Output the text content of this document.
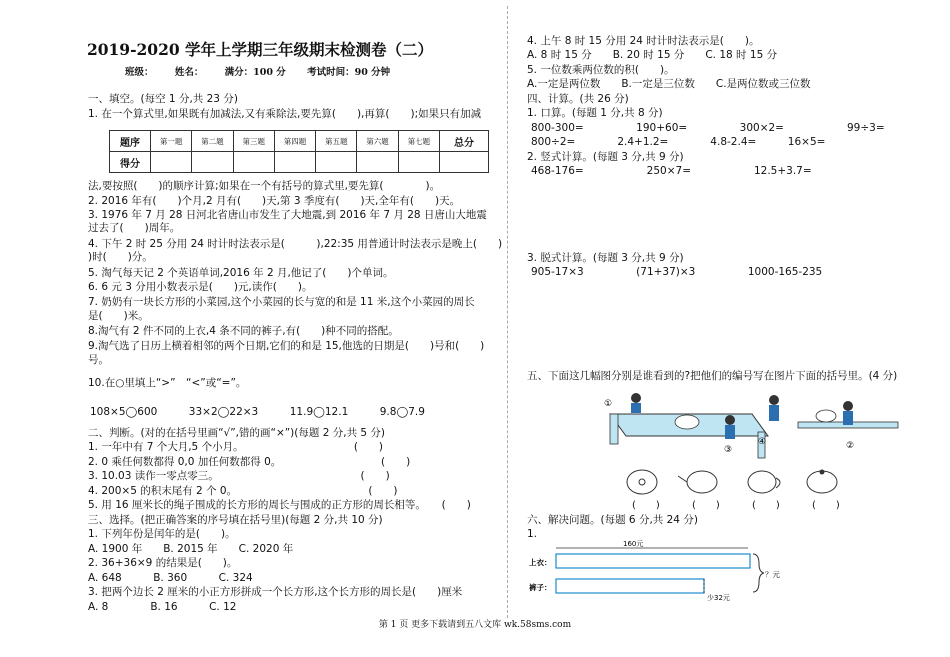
2019-2020 学年上学期三年级期末检测卷（二）
班级： 姓名： 满分：100 分 考试时间：90 分钟
题序	第一题	第二题	第三题	第四题	第五题	第六题	第七题	总分
得分								
一、填空。(每空 1 分,共 23 分)
1. 在一个算式里,如果既有加减法,又有乘除法,要先算(　　),再算(　　);如果只有加减
法,要按照(　　)的顺序计算;如果在一个有括号的算式里,要先算(　　　　)。
2. 2016 年有(　　)个月,2 月有(　　)天,第 3 季度有(　　)天,全年有(　　)天。
3. 1976 年 7 月 28 日河北省唐山市发生了大地震,到 2016 年 7 月 28 日唐山大地震
过去了(　　)周年。
4. 下午 2 时 25 分用 24 时计时法表示是(　　　),22:35 用普通计时法表示是晚上(　　)
)时(　　)分。
5. 淘气每天记 2 个英语单词,2016 年 2 月,他记了(　　)个单词。
6. 6 元 3 分用小数表示是(　　)元,读作(　　)。
7. 奶奶有一块长方形的小菜园,这个小菜园的长与宽的和是 11 米,这个小菜园的周长
是(　　)米。
8.淘气有 2 件不同的上衣,4 条不同的裤子,有(　　)种不同的搭配。
9.淘气选了日历上横着相邻的两个日期,它们的和是 15,他选的日期是(　　)号和(　　)
号。
10.在○里填上“>”　“<”或“=”。
108×5◯600　　　33×2◯22×3　　　11.9◯12.1　　　9.8◯7.9
二、判断。(对的在括号里画“√”,错的画“×”)(每题 2 分,共 5 分)
1. 一年中有 7 个大月,5 个小月。　　　　　　　　　　　(　　)
2. 0 乘任何数都得 0,0 加任何数都得 0。　　　　　　　　　　(　　)
3. 10.03 读作一零点零三。　　　　　　　　　　　　　　(　　)
4. 200×5 的积末尾有 2 个 0。　　　　　　　　　　　　　(　　)
5. 用 16 厘米长的绳子围成的长方形的周长与围成的正方形的周长相等。　　(　　)
三、选择。(把正确答案的序号填在括号里)(每题 2 分,共 10 分)
1. 下列年份是闰年的是(　　)。
A. 1900 年　　B. 2015 年　　C. 2020 年
2. 36+36×9 的结果是(　　)。
A. 648　　　B. 360　　　C. 324
3. 把两个边长 2 厘米的小正方形拼成一个长方形,这个长方形的周长是(　　)厘米
A. 8　　　　B. 16　　　C. 12
4. 上午 8 时 15 分用 24 时计时法表示是(　　)。
A. 8 时 15 分　　B. 20 时 15 分　　C. 18 时 15 分
5. 一位数乘两位数的积(　　)。
A.一定是两位数　　B.一定是三位数　　C.是两位数或三位数
四、计算。(共 26 分)
1. 口算。(每题 1 分,共 8 分)
800-300=　　　　　190+60=　　　　　300×2=　　　　　　99÷3=
800÷2=　　　　2.4+1.2=　　　　4.8-2.4=　　　16×5=
2. 竖式计算。(每题 3 分,共 9 分)
468-176=　　　　　　250×7=　　　　　　12.5+3.7=
3. 脱式计算。(每题 3 分,共 9 分)
905-17×3　　　　　(71+37)×3　　　　　1000-165-235
五、下面这几幅图分别是谁看到的?把他们的编号写在图片下面的括号里。(4 分)
六、解决问题。(每题 6 分,共 24 分)
1.
①
②
③
④
(　　)	(　　)	(　　)	(　　)
160元
上衣：
裤子：
少32元
？元
第 1 页 更多下载请到五八文库 wk.58sms.com
